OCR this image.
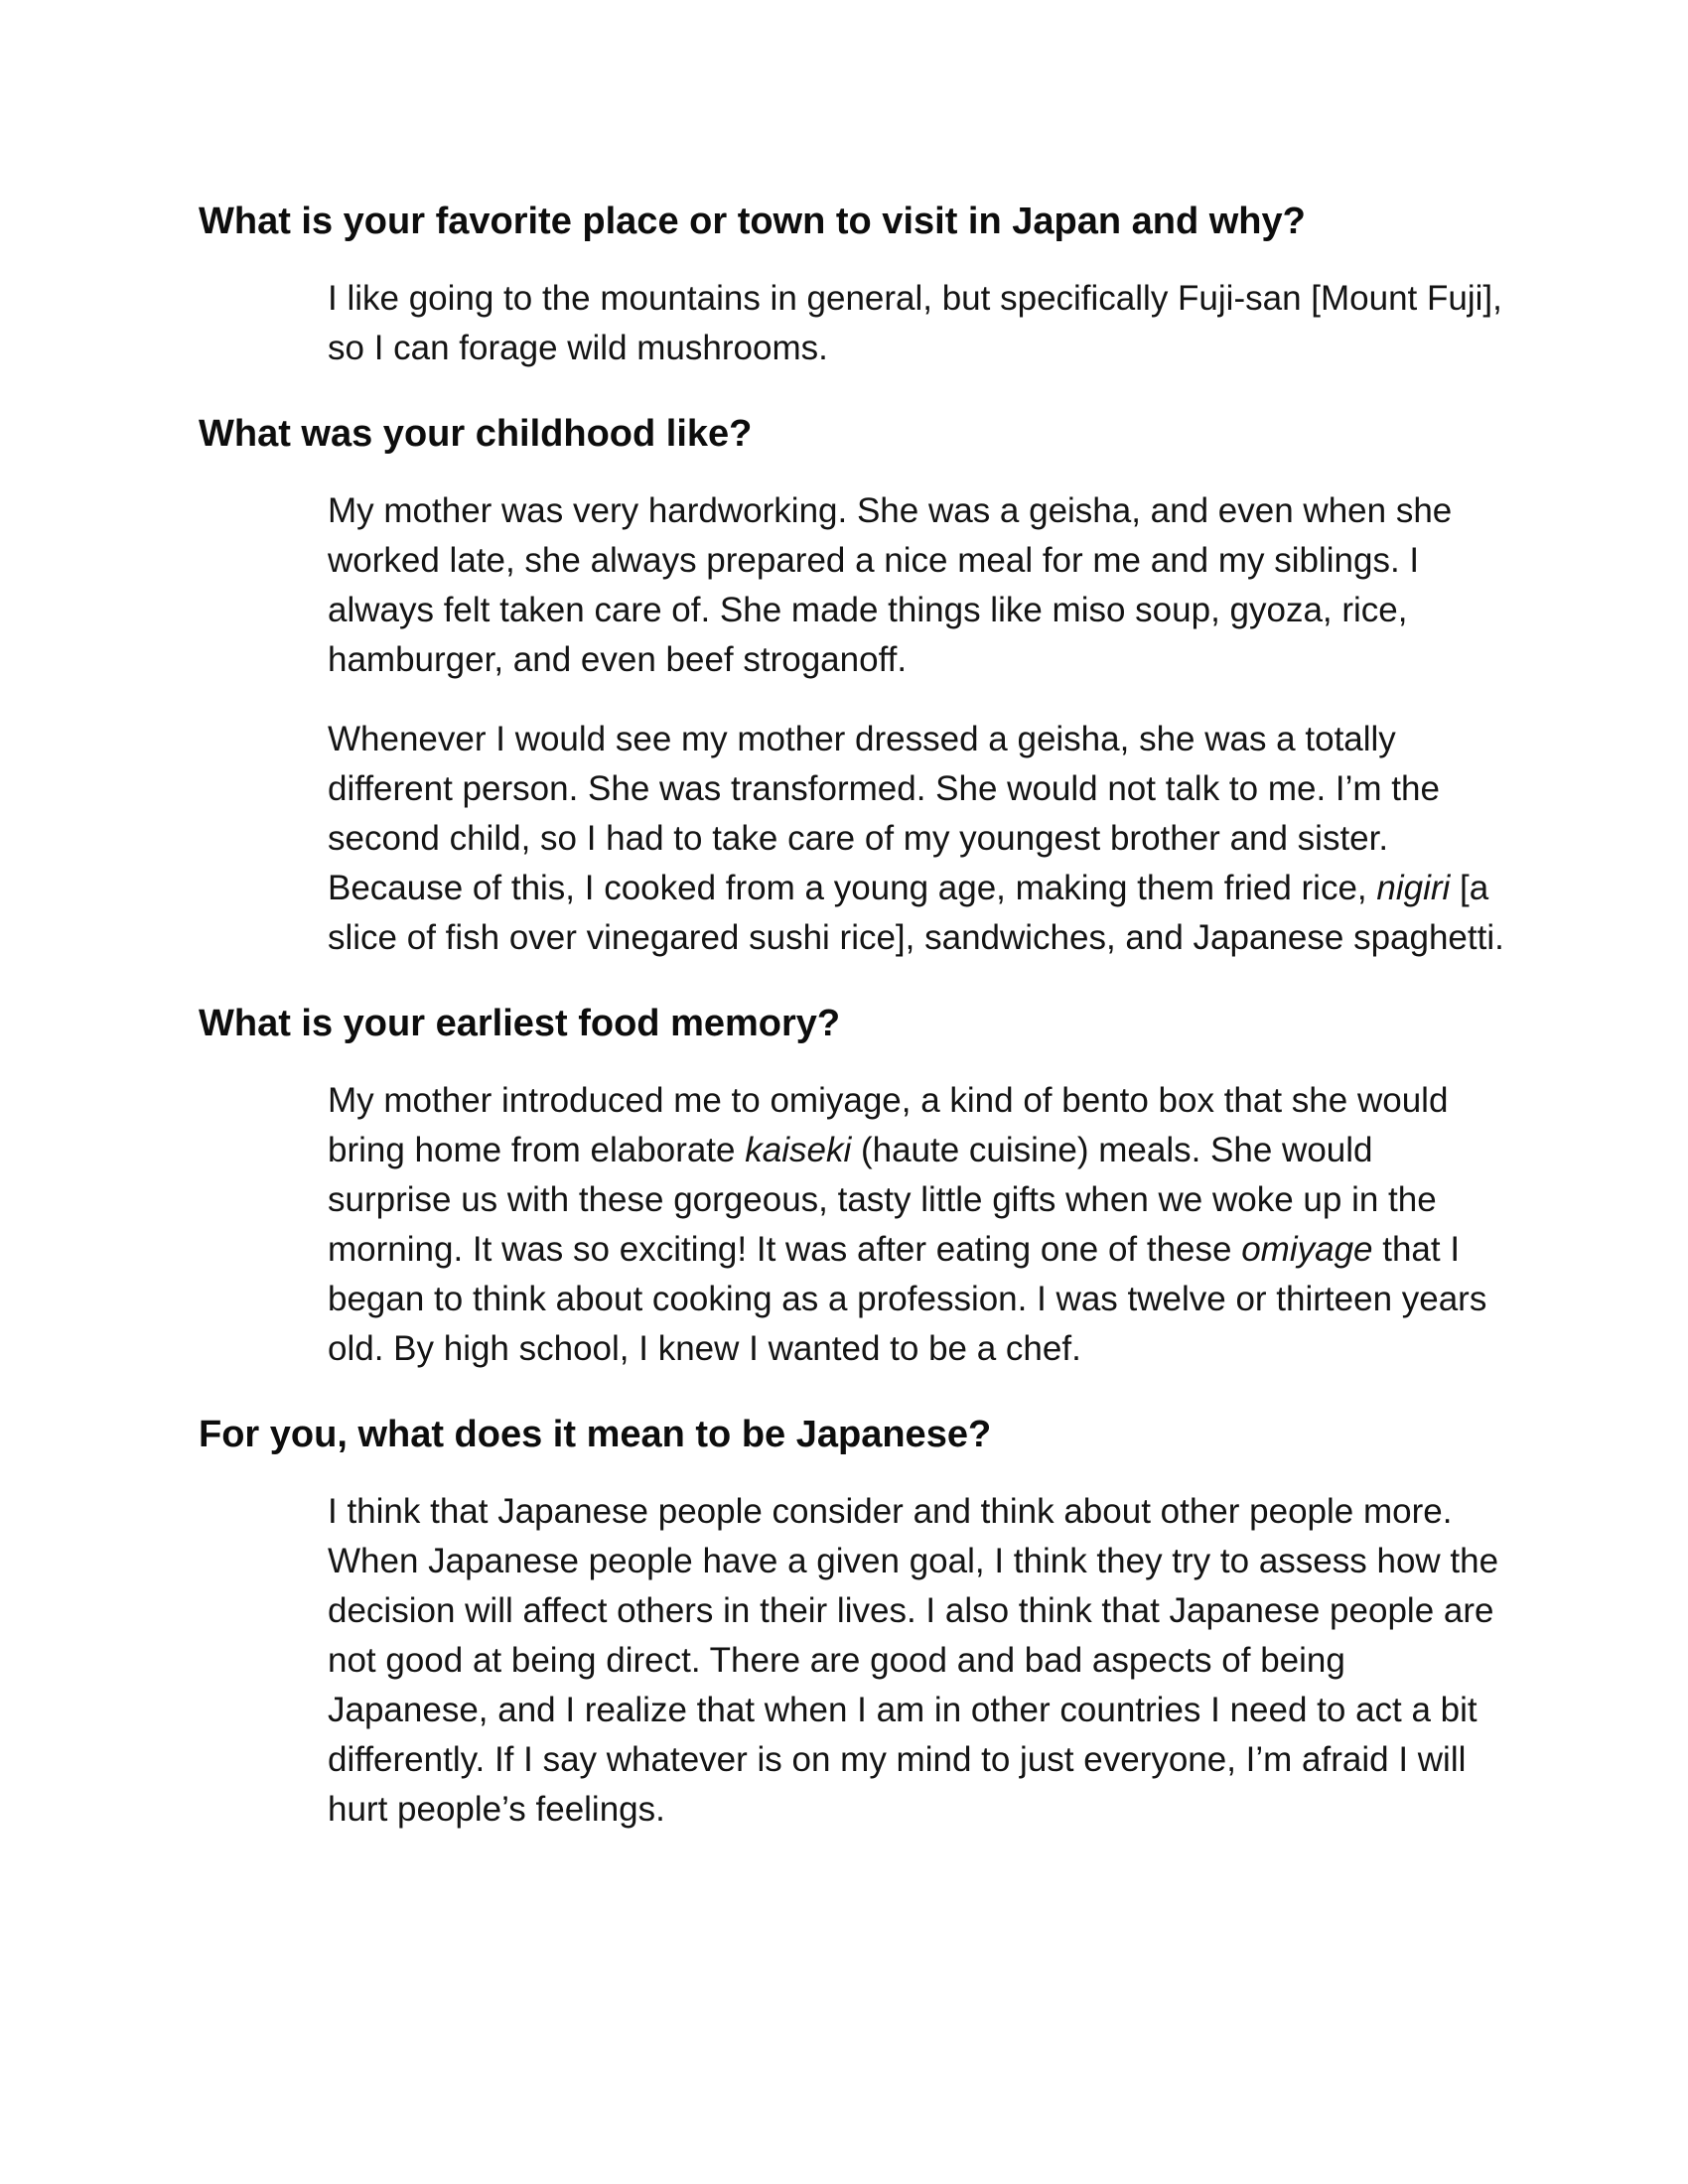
What is your favorite place or town to visit in Japan and why?

I like going to the mountains in general, but specifically Fuji-san [Mount Fuji], so I can forage wild mushrooms.

What was your childhood like?

My mother was very hardworking. She was a geisha, and even when she worked late, she always prepared a nice meal for me and my siblings. I always felt taken care of. She made things like miso soup, gyoza, rice, hamburger, and even beef stroganoff.

Whenever I would see my mother dressed a geisha, she was a totally different person. She was transformed. She would not talk to me. I’m the second child, so I had to take care of my youngest brother and sister. Because of this, I cooked from a young age, making them fried rice, nigiri [a slice of fish over vinegared sushi rice], sandwiches, and Japanese spaghetti.

What is your earliest food memory?

My mother introduced me to omiyage, a kind of bento box that she would bring home from elaborate kaiseki (haute cuisine) meals. She would surprise us with these gorgeous, tasty little gifts when we woke up in the morning. It was so exciting! It was after eating one of these omiyage that I began to think about cooking as a profession. I was twelve or thirteen years old. By high school, I knew I wanted to be a chef.

For you, what does it mean to be Japanese?

I think that Japanese people consider and think about other people more. When Japanese people have a given goal, I think they try to assess how the decision will affect others in their lives. I also think that Japanese people are not good at being direct. There are good and bad aspects of being Japanese, and I realize that when I am in other countries I need to act a bit differently. If I say whatever is on my mind to just everyone, I’m afraid I will hurt people’s feelings.
